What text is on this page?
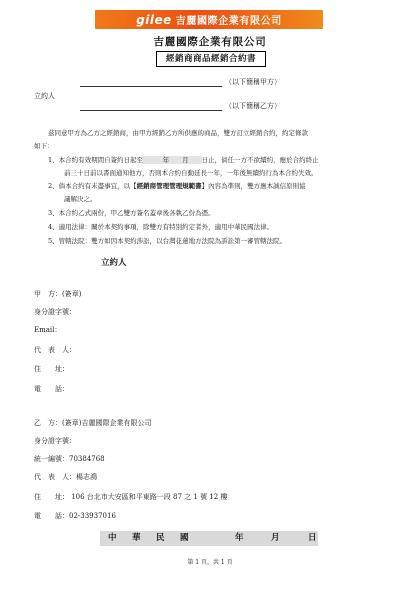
gilee 吉麗國際企業有限公司
吉麗國際企業有限公司
經銷商商品經銷合約書
（以下簡稱甲方）
立約人
（以下簡稱乙方）
茲同意甲方為乙方之經銷商，由甲方經銷乙方所供應的商品，雙方訂立經銷合約，約定條款
如下：
1、本合約有效期間自簽約日起至   	年   月   日止，倘任一方不欲續約，應於合約終止
前三十日前以書面通知他方，否則本合約自動延長一年，一年後無續約行為本合約失效。
2、倘本合約有未盡事宜，以【經銷商管理管理規範書】內容為準則，雙方應本誠信原則協
議解決之。
3、本合約乙式兩份，甲乙雙方簽名蓋章後各執乙份為憑。
4、適用法律：關於本契約事項，除雙方有特別約定者外，適用中華民國法律。
5、管轄法院：雙方如因本契約涉訟，以台灣花蓮地方法院為訴訟第一審管轄法院。
立約人
甲　方：(簽章)
身分證字號：
Email：
代　表　人：
住　　址：
電　　話：
乙　方：(簽章)吉麗國際企業有限公司
身分證字號：
統一編號：70384768
代　表　人：楊志鴻
住　　址： 106 台北市大安區和平東路一段 87 之 1 號 12 樓
電　　話：02-33937016
中 華 民 國	年	月	日
第 1 頁，共 1 頁
